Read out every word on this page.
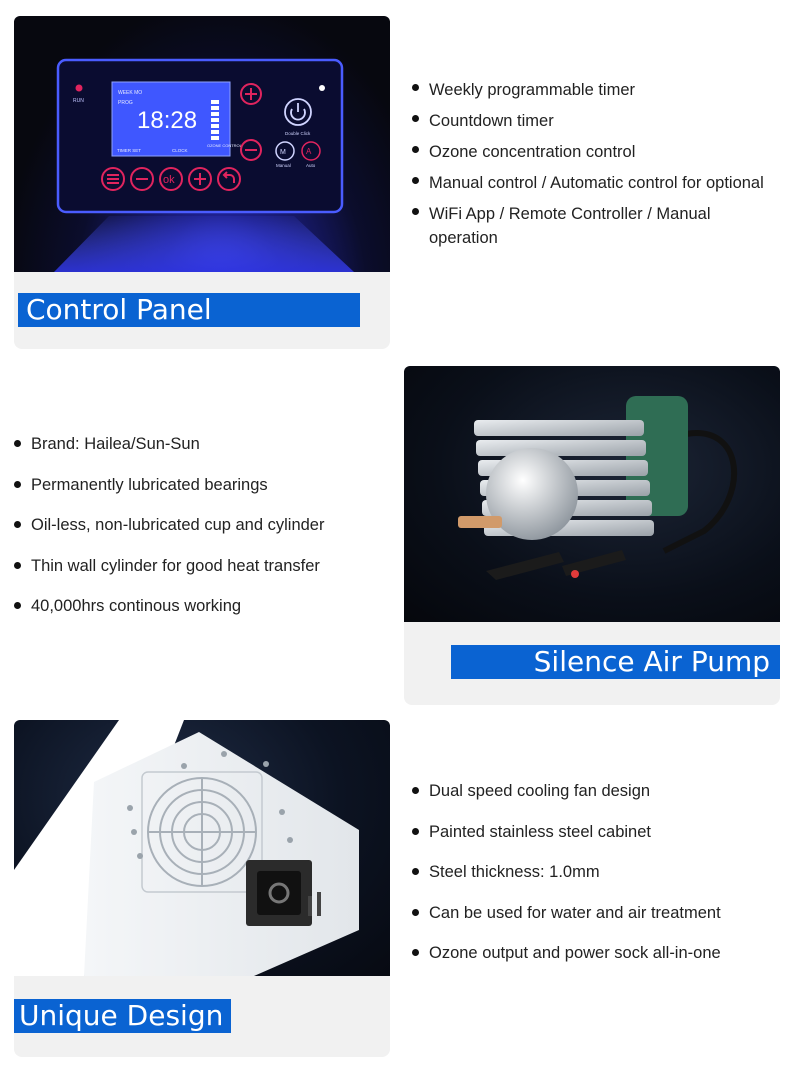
RUN
WEEK MO
PROG
18:28
TIMER SET	CLOCK
OZONE CONTROL
Double Click
M
Manual
A
Auto
ok
Control Panel
Weekly programmable timer
Countdown timer
Ozone concentration control
Manual control / Automatic control for optional
WiFi App / Remote Controller / Manual operation
Silence Air Pump
Brand: Hailea/Sun-Sun
Permanently lubricated bearings
Oil-less, non-lubricated cup and cylinder
Thin wall cylinder for good heat transfer
40,000hrs continous working
Unique Design
Dual speed cooling fan design
Painted stainless steel cabinet
Steel thickness: 1.0mm
Can be used for water and air treatment
Ozone output and power sock all-in-one
